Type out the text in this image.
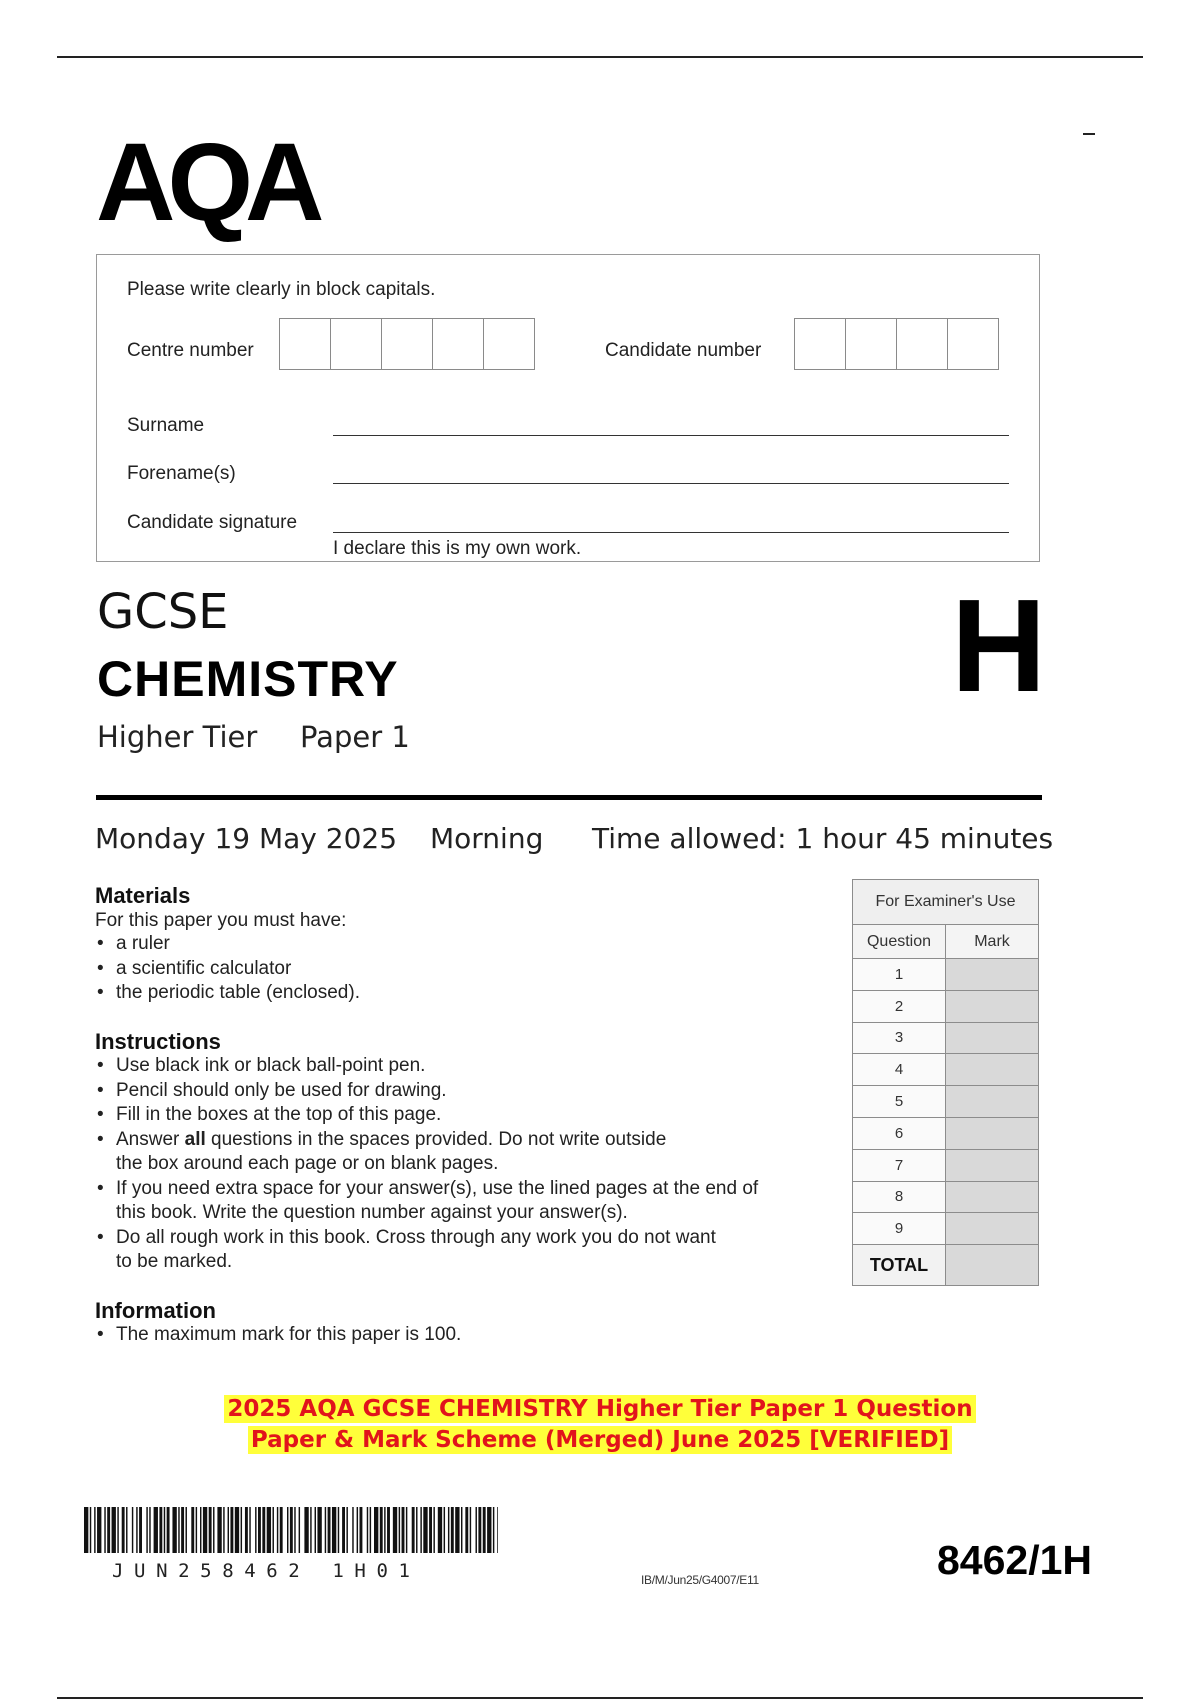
AQA
Please write clearly in block capitals.
Centre number	Candidate number
Surname
Forename(s)
Candidate signature
I declare this is my own work.
GCSE
CHEMISTRY
Higher Tier Paper 1
H
Monday 19 May 2025 Morning Time allowed: 1 hour 45 minutes
Materials
For this paper you must have:
• a ruler
• a scientific calculator
• the periodic table (enclosed).
Instructions
• Use black ink or black ball-point pen.
• Pencil should only be used for drawing.
• Fill in the boxes at the top of this page.
• Answer all questions in the spaces provided. Do not write outside
the box around each page or on blank pages.
• If you need extra space for your answer(s), use the lined pages at the end of
this book. Write the question number against your answer(s).
• Do all rough work in this book. Cross through any work you do not want
to be marked.
Information
• The maximum mark for this paper is 100.
For Examiner's Use	
Question	Mark
1	
2	
3	
4	
5	
6	
7	
8	
9	
TOTAL	
2025 AQA GCSE CHEMISTRY Higher Tier Paper 1 Question
Paper & Mark Scheme (Merged) June 2025 [VERIFIED]
JUN258462 1H01	IB/M/Jun25/G4007/E11	8462/1H
